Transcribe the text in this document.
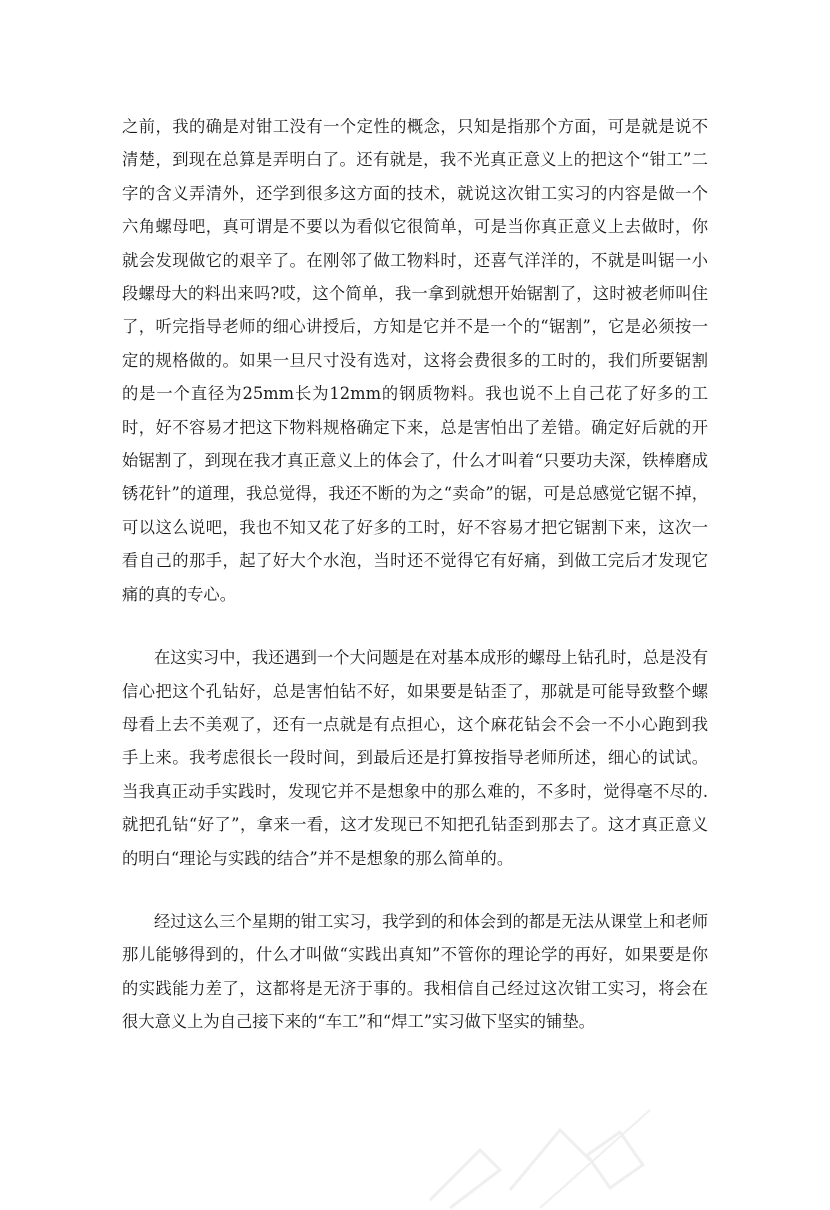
之前，我的确是对钳工没有一个定性的概念，只知是指那个方面，可是就是说不清楚，到现在总算是弄明白了。还有就是，我不光真正意义上的把这个“钳工”二字的含义弄清外，还学到很多这方面的技术，就说这次钳工实习的内容是做一个六角螺母吧，真可谓是不要以为看似它很简单，可是当你真正意义上去做时，你就会发现做它的艰辛了。在刚邻了做工物料时，还喜气洋洋的，不就是叫锯一小段螺母大的料出来吗?哎，这个简单，我一拿到就想开始锯割了，这时被老师叫住了，听完指导老师的细心讲授后，方知是它并不是一个的“锯割”，它是必须按一定的规格做的。如果一旦尺寸没有选对，这将会费很多的工时的，我们所要锯割的是一个直径为25mm长为12mm的钢质物料。我也说不上自己花了好多的工时，好不容易才把这下物料规格确定下来，总是害怕出了差错。确定好后就的开始锯割了，到现在我才真正意义上的体会了，什么才叫着“只要功夫深，铁棒磨成锈花针”的道理，我总觉得，我还不断的为之“卖命”的锯，可是总感觉它锯不掉，可以这么说吧，我也不知又花了好多的工时，好不容易才把它锯割下来，这次一看自己的那手，起了好大个水泡，当时还不觉得它有好痛，到做工完后才发现它痛的真的专心。

在这实习中，我还遇到一个大问题是在对基本成形的螺母上钻孔时，总是没有信心把这个孔钻好，总是害怕钻不好，如果要是钻歪了，那就是可能导致整个螺母看上去不美观了，还有一点就是有点担心，这个麻花钻会不会一不小心跑到我手上来。我考虑很长一段时间，到最后还是打算按指导老师所述，细心的试试。当我真正动手实践时，发现它并不是想象中的那么难的，不多时，觉得毫不尽的.就把孔钻“好了”，拿来一看，这才发现已不知把孔钻歪到那去了。这才真正意义的明白“理论与实践的结合”并不是想象的那么简单的。

经过这么三个星期的钳工实习，我学到的和体会到的都是无法从课堂上和老师那儿能够得到的，什么才叫做“实践出真知”不管你的理论学的再好，如果要是你的实践能力差了，这都将是无济于事的。我相信自己经过这次钳工实习，将会在很大意义上为自己接下来的“车工”和“焊工”实习做下坚实的铺垫。
